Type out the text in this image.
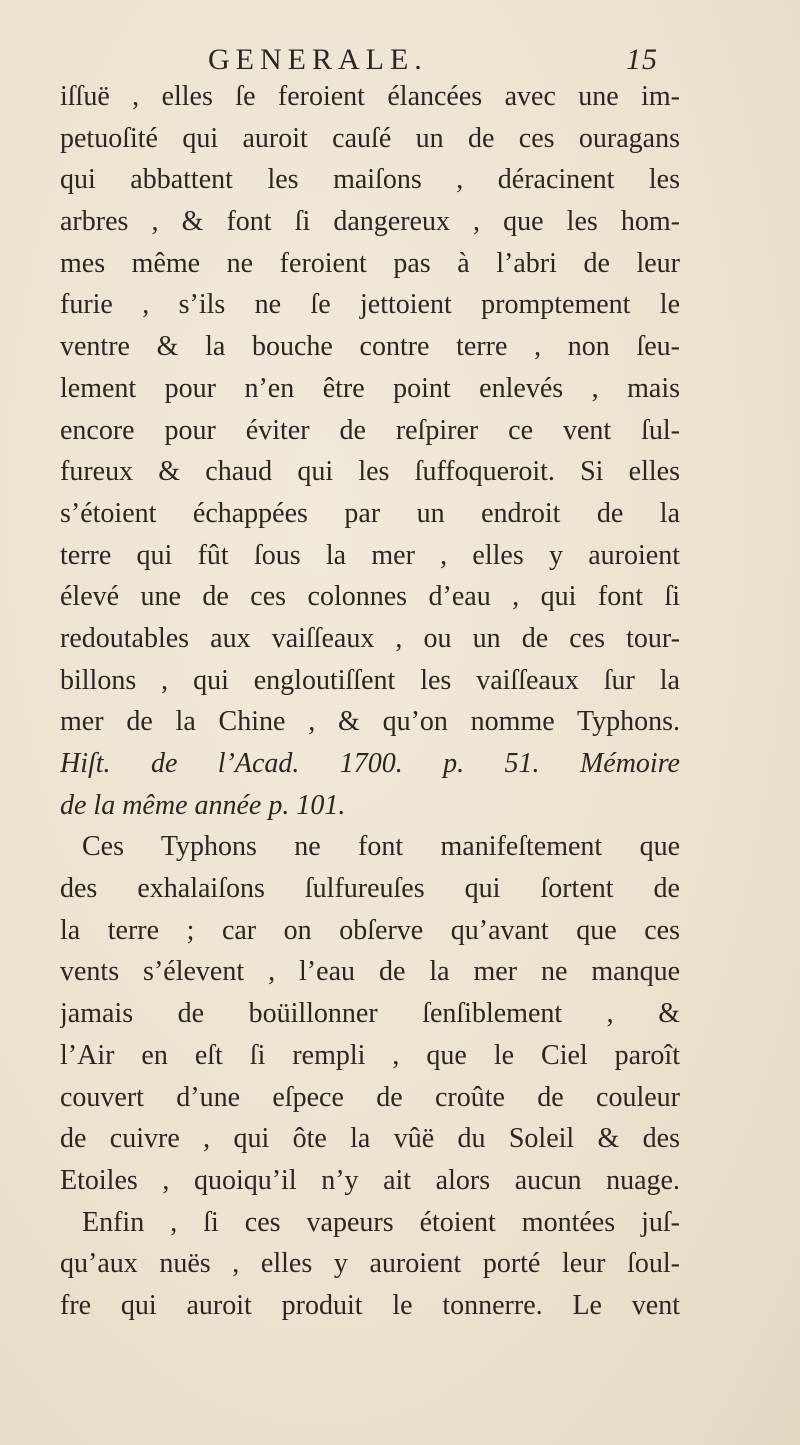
GENERALE.	15
iſſuë , elles ſe feroient élancées avec une im-
petuoſité qui auroit cauſé un de ces ouragans
qui abbattent les maiſons , déracinent les
arbres , & font ſi dangereux , que les hom-
mes même ne feroient pas à l’abri de leur
furie , s’ils ne ſe jettoient promptement le
ventre & la bouche contre terre , non ſeu-
lement pour n’en être point enlevés , mais
encore pour éviter de reſpirer ce vent ſul-
fureux & chaud qui les ſuffoqueroit. Si elles
s’étoient échappées par un endroit de la
terre qui fût ſous la mer , elles y auroient
élevé une de ces colonnes d’eau , qui font ſi
redoutables aux vaiſſeaux , ou un de ces tour-
billons , qui engloutiſſent les vaiſſeaux ſur la
mer de la Chine , & qu’on nomme Typhons.
Hiſt. de l’Acad. 1700. p. 51. Mémoire
de la même année p. 101.
Ces Typhons ne font manifeſtement que
des exhalaiſons ſulfureuſes qui ſortent de
la terre ; car on obſerve qu’avant que ces
vents s’élevent , l’eau de la mer ne manque
jamais de boüillonner ſenſiblement , &
l’Air en eſt ſi rempli , que le Ciel paroît
couvert d’une eſpece de croûte de couleur
de cuivre , qui ôte la vûë du Soleil & des
Etoiles , quoiqu’il n’y ait alors aucun nuage.
Enfin , ſi ces vapeurs étoient montées juſ-
qu’aux nuës , elles y auroient porté leur ſoul-
fre qui auroit produit le tonnerre. Le vent
